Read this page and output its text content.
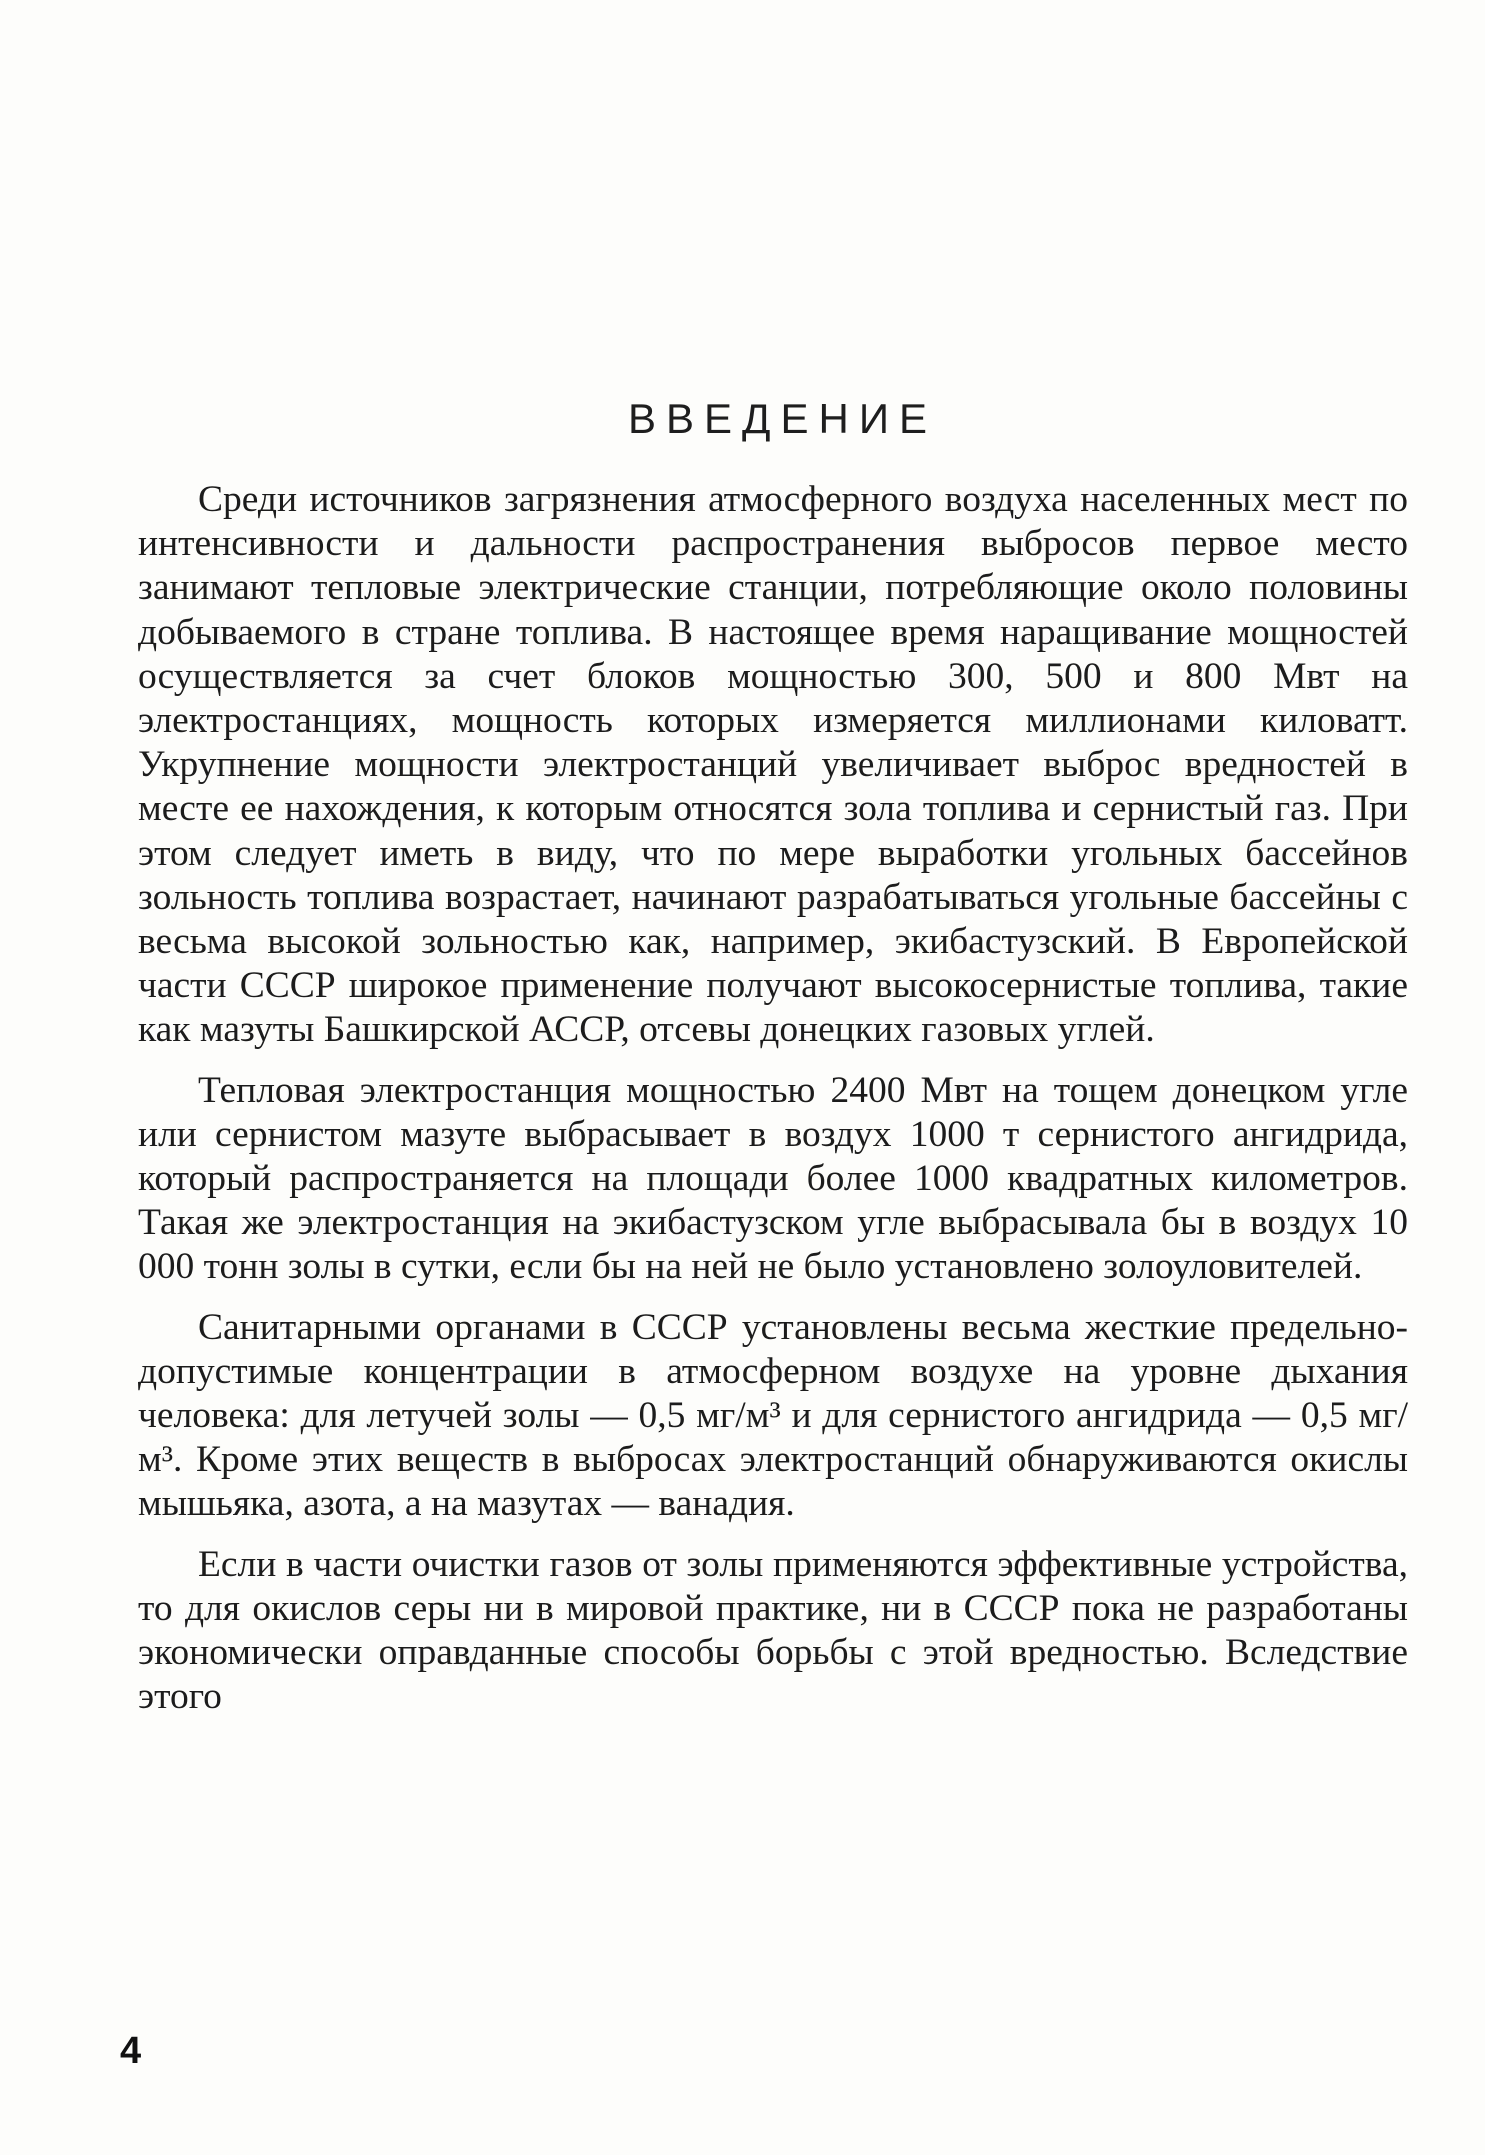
ВВЕДЕНИЕ

Среди источников загрязнения атмосферного воздуха населенных мест по интенсивности и дальности распространения выбросов первое место занимают тепловые электрические станции, потребляющие около половины добываемого в стране топлива. В настоящее время наращивание мощностей осуществляется за счет блоков мощностью 300, 500 и 800 Мвт на электростанциях, мощность которых измеряется миллионами киловатт. Укрупнение мощности электростанций увеличивает выброс вредностей в месте ее нахождения, к которым относятся зола топлива и сернистый газ. При этом следует иметь в виду, что по мере выработки угольных бассейнов зольность топлива возрастает, начинают разрабатываться угольные бассейны с весьма высокой зольностью как, например, экибастузский. В Европейской части СССР широкое применение получают высокосернистые топлива, такие как мазуты Башкирской АССР, отсевы донецких газовых углей.

Тепловая электростанция мощностью 2400 Мвт на тощем донецком угле или сернистом мазуте выбрасывает в воздух 1000 т сернистого ангидрида, который распространяется на площади более 1000 квадратных километров. Такая же электростанция на экибастузском угле выбрасывала бы в воздух 10 000 тонн золы в сутки, если бы на ней не было установлено золоуловителей.

Санитарными органами в СССР установлены весьма жесткие предельно-допустимые концентрации в атмосферном воздухе на уровне дыхания человека: для летучей золы — 0,5 мг/м³ и для сернистого ангидрида — 0,5 мг/м³. Кроме этих веществ в выбросах электростанций обнаруживаются окислы мышьяка, азота, а на мазутах — ванадия.

Если в части очистки газов от золы применяются эффективные устройства, то для окислов серы ни в мировой практике, ни в СССР пока не разработаны экономически оправданные способы борьбы с этой вредностью. Вследствие этого

4
